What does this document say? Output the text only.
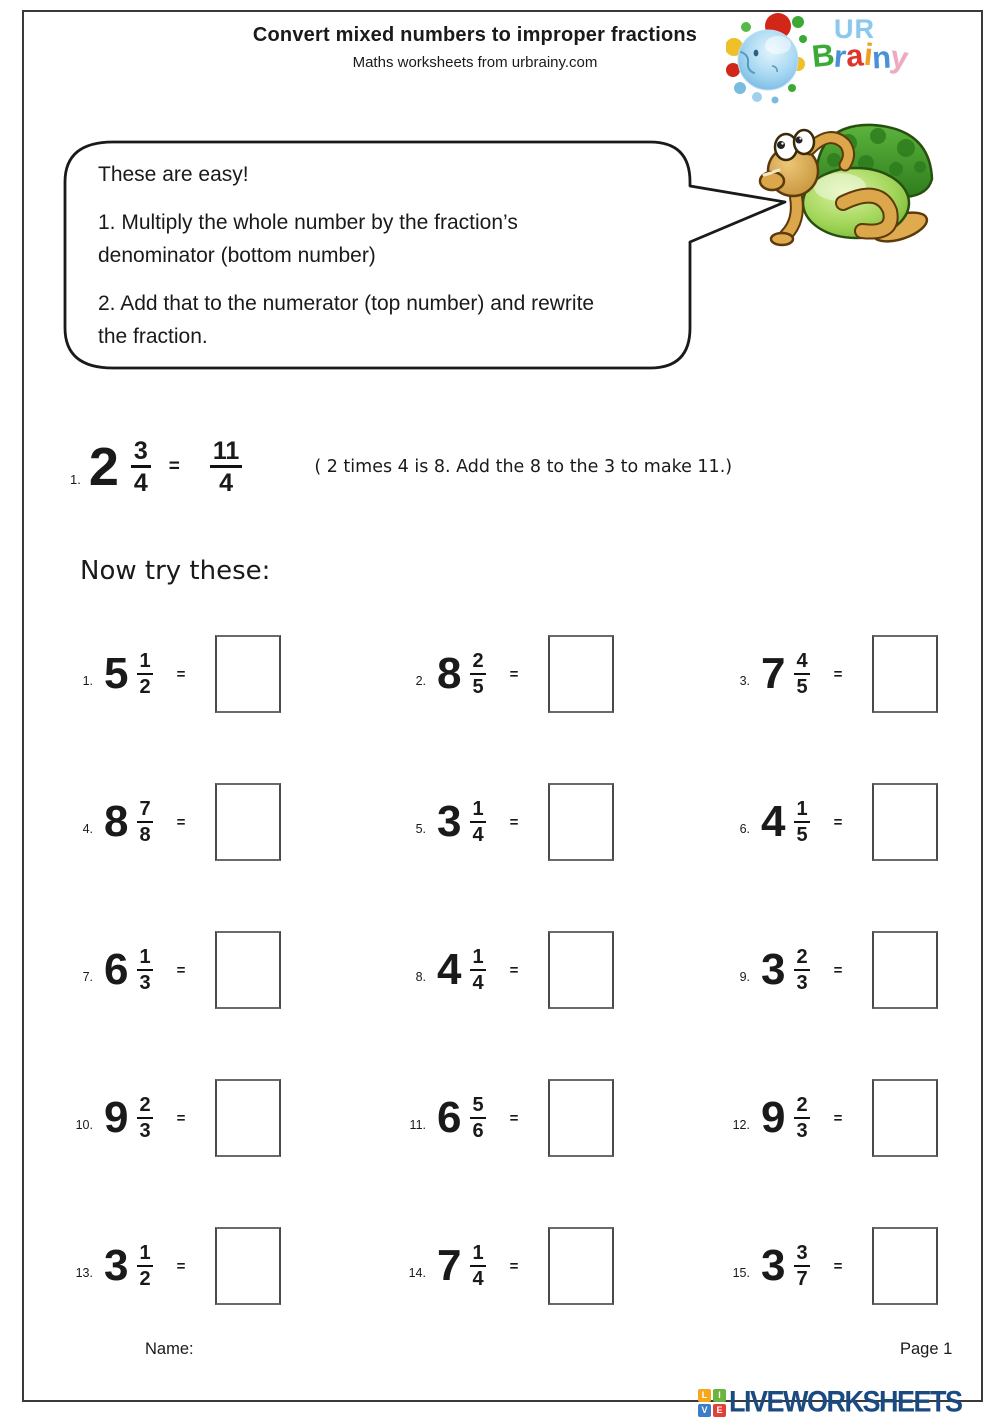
Convert mixed numbers to improper fractions
Maths worksheets from urbrainy.com
UR
Brainy

These are easy!

1. Multiply the whole number by the fraction’s denominator (bottom number)

2. Add that to the numerator (top number) and rewrite the fraction.

1. $2 \frac{3}{4} = \frac{11}{4}$	( 2 times 4 is 8. Add the 8 to the 3 to make 11.)
Now try these:
1. $5 \frac{1}{2}$ =	2. $8 \frac{2}{5}$ =	3. $7 \frac{4}{5}$ =
4. $8 \frac{7}{8}$ =	5. $3 \frac{1}{4}$ =	6. $4 \frac{1}{5}$ =
7. $6 \frac{1}{3}$ =	8. $4 \frac{1}{4}$ =	9. $3 \frac{2}{3}$ =
10. $9 \frac{2}{3}$ =	11. $6 \frac{5}{6}$ =	12. $9 \frac{2}{3}$ =
13. $3 \frac{1}{2}$ =	14. $7 \frac{1}{4}$ =	15. $3 \frac{3}{7}$ =
Name:	Page 1
L	I
V E LIVEWORKSHEETS
